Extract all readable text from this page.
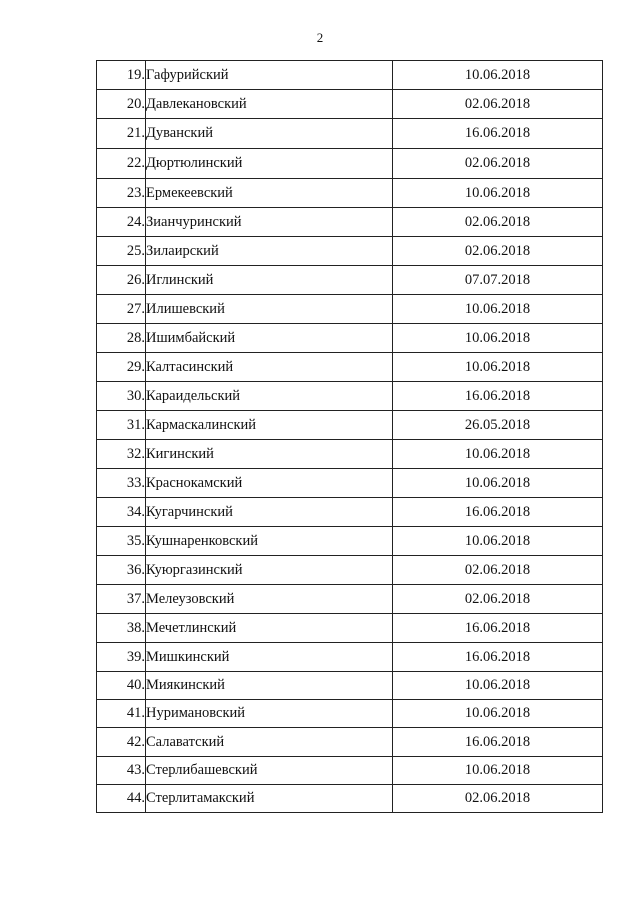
2
19.	Гафурийский	10.06.2018
20.	Давлекановский	02.06.2018
21.	Дуванский	16.06.2018
22.	Дюртюлинский	02.06.2018
23.	Ермекеевский	10.06.2018
24.	Зианчуринский	02.06.2018
25.	Зилаирский	02.06.2018
26.	Иглинский	07.07.2018
27.	Илишевский	10.06.2018
28.	Ишимбайский	10.06.2018
29.	Калтасинский	10.06.2018
30.	Караидельский	16.06.2018
31.	Кармаскалинский	26.05.2018
32.	Кигинский	10.06.2018
33.	Краснокамский	10.06.2018
34.	Кугарчинский	16.06.2018
35.	Кушнаренковский	10.06.2018
36.	Куюргазинский	02.06.2018
37.	Мелеузовский	02.06.2018
38.	Мечетлинский	16.06.2018
39.	Мишкинский	16.06.2018
40.	Миякинский	10.06.2018
41.	Нуримановский	10.06.2018
42.	Салаватский	16.06.2018
43.	Стерлибашевский	10.06.2018
44.	Стерлитамакский	02.06.2018
